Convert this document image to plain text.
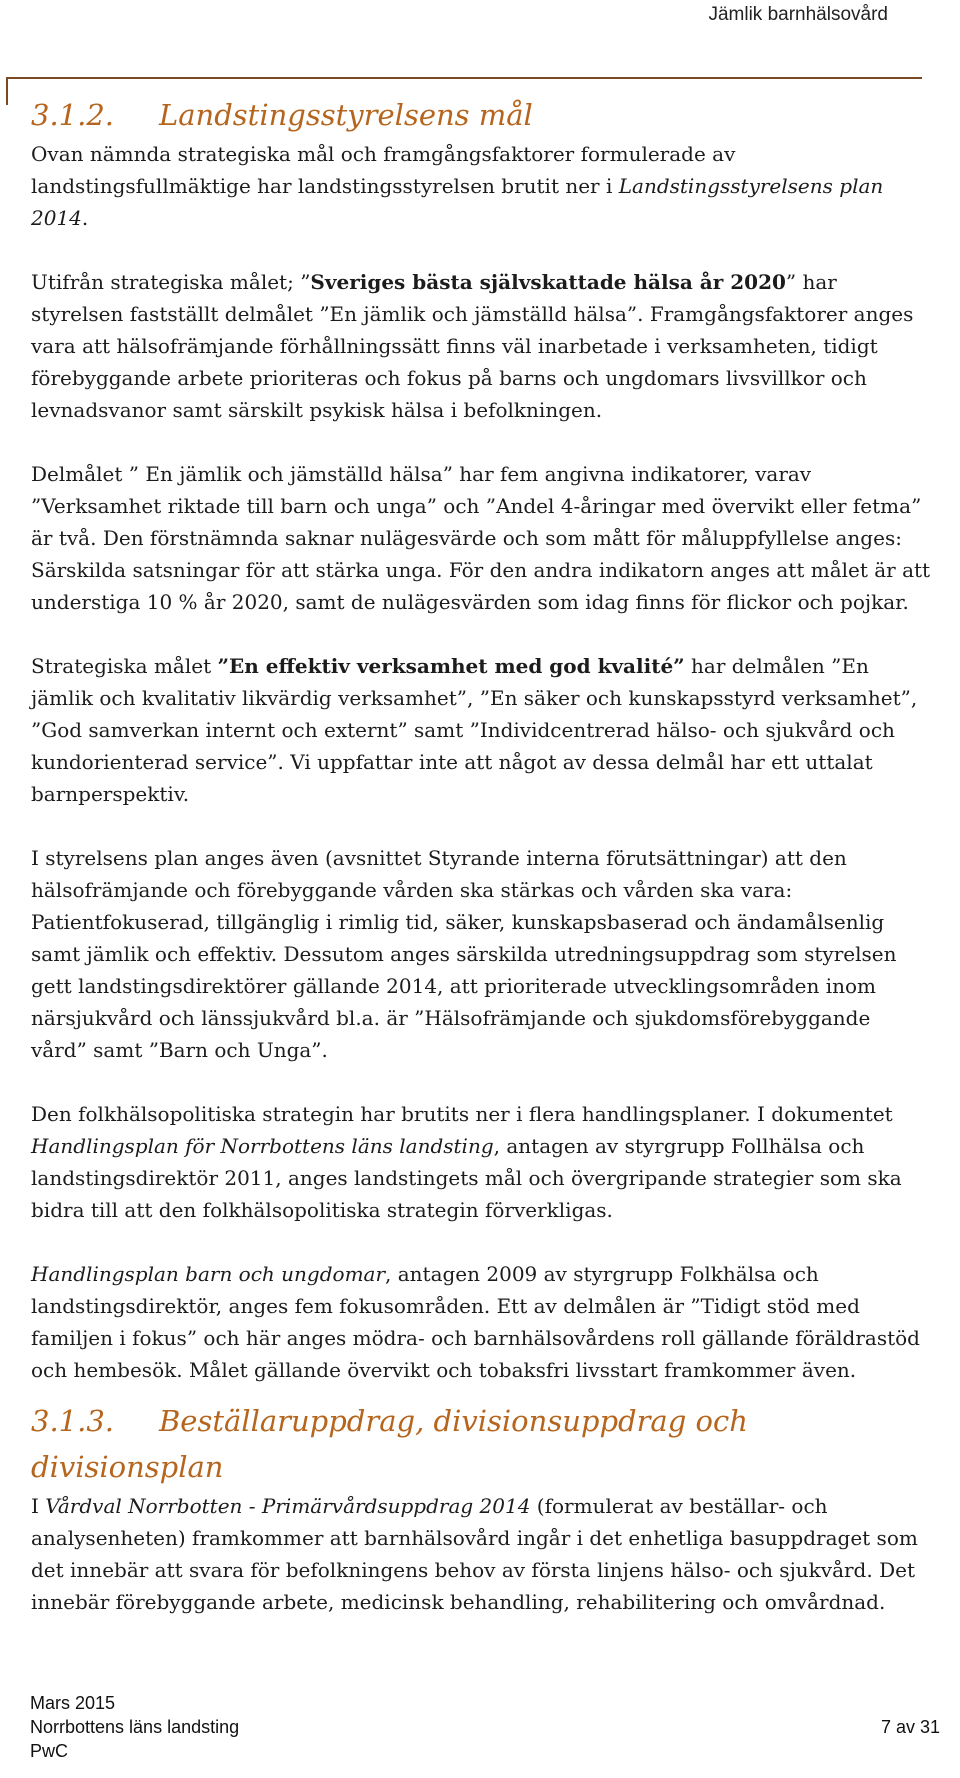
Jämlik barnhälsovård
3.1.2. Landstingsstyrelsens mål

Ovan nämnda strategiska mål och framgångsfaktorer formulerade av landstingsfullmäktige har landstingsstyrelsen brutit ner i Landstingsstyrelsens plan 2014.

Utifrån strategiska målet; ”Sveriges bästa självskattade hälsa år 2020” har styrelsen fastställt delmålet ”En jämlik och jämställd hälsa”. Framgångsfaktorer anges vara att hälsofrämjande förhållningssätt finns väl inarbetade i verksamheten, tidigt förebyggande arbete prioriteras och fokus på barns och ungdomars livsvillkor och levnadsvanor samt särskilt psykisk hälsa i befolkningen.

Delmålet ” En jämlik och jämställd hälsa” har fem angivna indikatorer, varav ”Verksamhet riktade till barn och unga” och ”Andel 4-åringar med övervikt eller fetma” är två. Den förstnämnda saknar nulägesvärde och som mått för måluppfyllelse anges: Särskilda satsningar för att stärka unga. För den andra indikatorn anges att målet är att understiga 10 % år 2020, samt de nulägesvärden som idag finns för flickor och pojkar.

Strategiska målet ”En effektiv verksamhet med god kvalité” har delmålen ”En jämlik och kvalitativ likvärdig verksamhet”, ”En säker och kunskapsstyrd verksamhet”, ”God samverkan internt och externt” samt ”Individcentrerad hälso- och sjukvård och kundorienterad service”. Vi uppfattar inte att något av dessa delmål har ett uttalat barnperspektiv.

I styrelsens plan anges även (avsnittet Styrande interna förutsättningar) att den hälsofrämjande och förebyggande vården ska stärkas och vården ska vara: Patientfokuserad, tillgänglig i rimlig tid, säker, kunskapsbaserad och ändamålsenlig samt jämlik och effektiv. Dessutom anges särskilda utredningsuppdrag som styrelsen gett landstingsdirektörer gällande 2014, att prioriterade utvecklingsområden inom närsjukvård och länssjukvård bl.a. är ”Hälsofrämjande och sjukdomsförebyggande vård” samt ”Barn och Unga”.

Den folkhälsopolitiska strategin har brutits ner i flera handlingsplaner. I dokumentet Handlingsplan för Norrbottens läns landsting, antagen av styrgrupp Follhälsa och landstingsdirektör 2011, anges landstingets mål och övergripande strategier som ska bidra till att den folkhälsopolitiska strategin förverkligas.

Handlingsplan barn och ungdomar, antagen 2009 av styrgrupp Folkhälsa och landstingsdirektör, anges fem fokusområden. Ett av delmålen är ”Tidigt stöd med familjen i fokus” och här anges mödra- och barnhälsovårdens roll gällande föräldrastöd och hembesök. Målet gällande övervikt och tobaksfri livsstart framkommer även.

3.1.3. Beställaruppdrag, divisionsuppdrag och divisionsplan

I Vårdval Norrbotten - Primärvårdsuppdrag 2014 (formulerat av beställar- och analysenheten) framkommer att barnhälsovård ingår i det enhetliga basuppdraget som det innebär att svara för befolkningens behov av första linjens hälso- och sjukvård. Det innebär förebyggande arbete, medicinsk behandling, rehabilitering och omvårdnad.

Mars 2015
Norrbottens läns landsting
PwC
7 av 31
